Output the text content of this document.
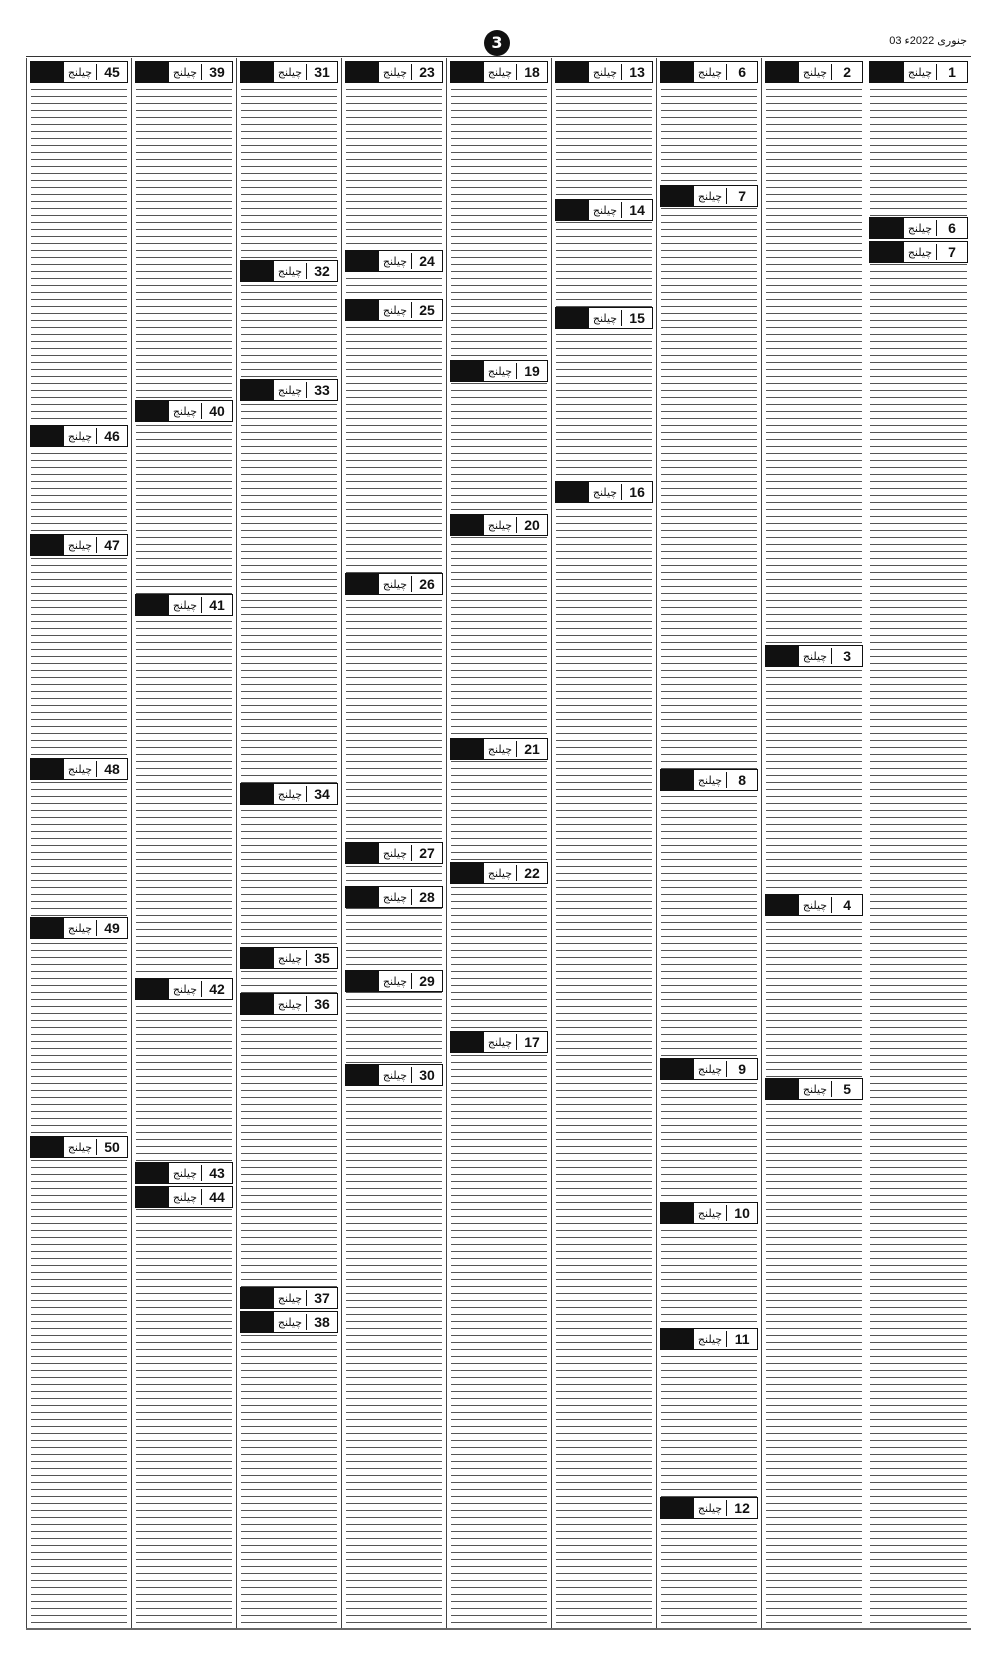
03 جنوری 2022ء
3
1
چیلنج
6
چیلنج
7
چیلنج
2
چیلنج
3
چیلنج
4
چیلنج
5
چیلنج
6
چیلنج
7
چیلنج
8
چیلنج
9
چیلنج
10
چیلنج
11
چیلنج
12
چیلنج
13
چیلنج
14
چیلنج
15
چیلنج
16
چیلنج
18
چیلنج
19
چیلنج
20
چیلنج
21
چیلنج
22
چیلنج
17
چیلنج
23
چیلنج
24
چیلنج
25
چیلنج
26
چیلنج
27
چیلنج
28
چیلنج
29
چیلنج
30
چیلنج
31
چیلنج
32
چیلنج
33
چیلنج
34
چیلنج
35
چیلنج
36
چیلنج
37
چیلنج
38
چیلنج
39
چیلنج
40
چیلنج
41
چیلنج
42
چیلنج
43
چیلنج
44
چیلنج
45
چیلنج
46
چیلنج
47
چیلنج
48
چیلنج
49
چیلنج
50
چیلنج
